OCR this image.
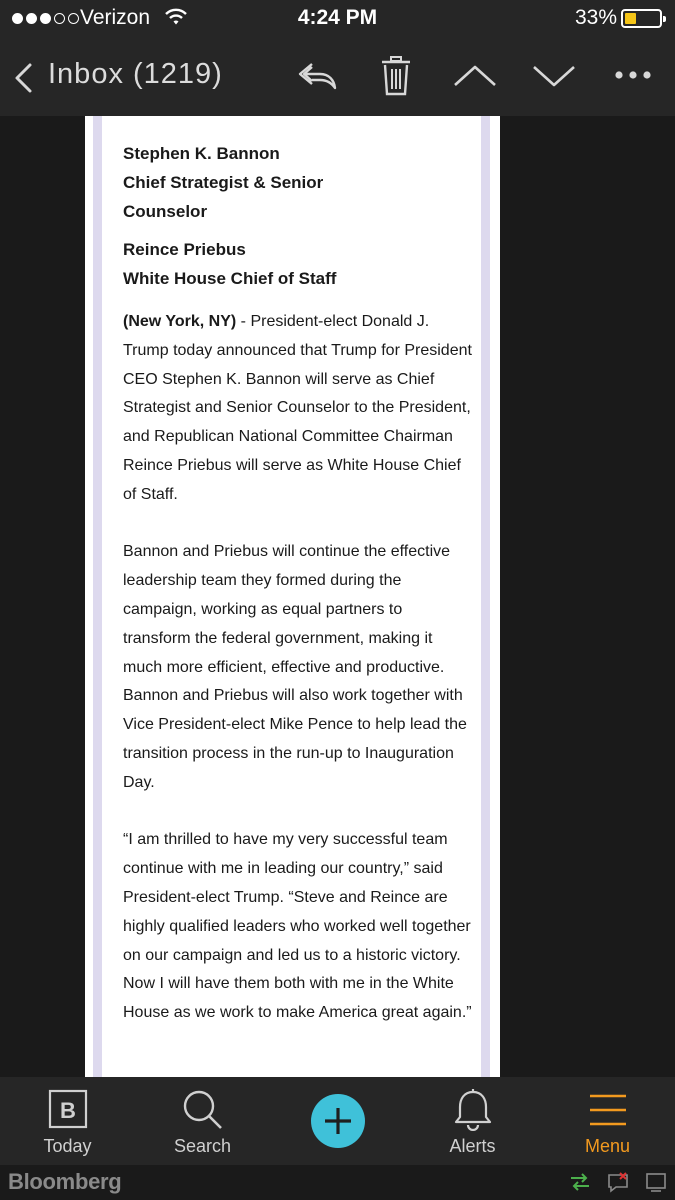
Verizon	4:24 PM	33%
Inbox (1219)
Stephen K. Bannon
Chief Strategist & Senior
Counselor
Reince Priebus
White House Chief of Staff

(New York, NY) - President-elect Donald J. Trump today announced that Trump for President CEO Stephen K. Bannon will serve as Chief Strategist and Senior Counselor to the President, and Republican National Committee Chairman Reince Priebus will serve as White House Chief of Staff.

Bannon and Priebus will continue the effective leadership team they formed during the campaign, working as equal partners to transform the federal government, making it much more efficient, effective and productive. Bannon and Priebus will also work together with Vice President-elect Mike Pence to help lead the transition process in the run-up to Inauguration Day.

“I am thrilled to have my very successful team continue with me in leading our country,” said President-elect Trump. “Steve and Reince are highly qualified leaders who worked well together on our campaign and led us to a historic victory. Now I will have them both with me in the White House as we work to make America great again.”

B
Today	Search	Alerts	Menu
Bloomberg
